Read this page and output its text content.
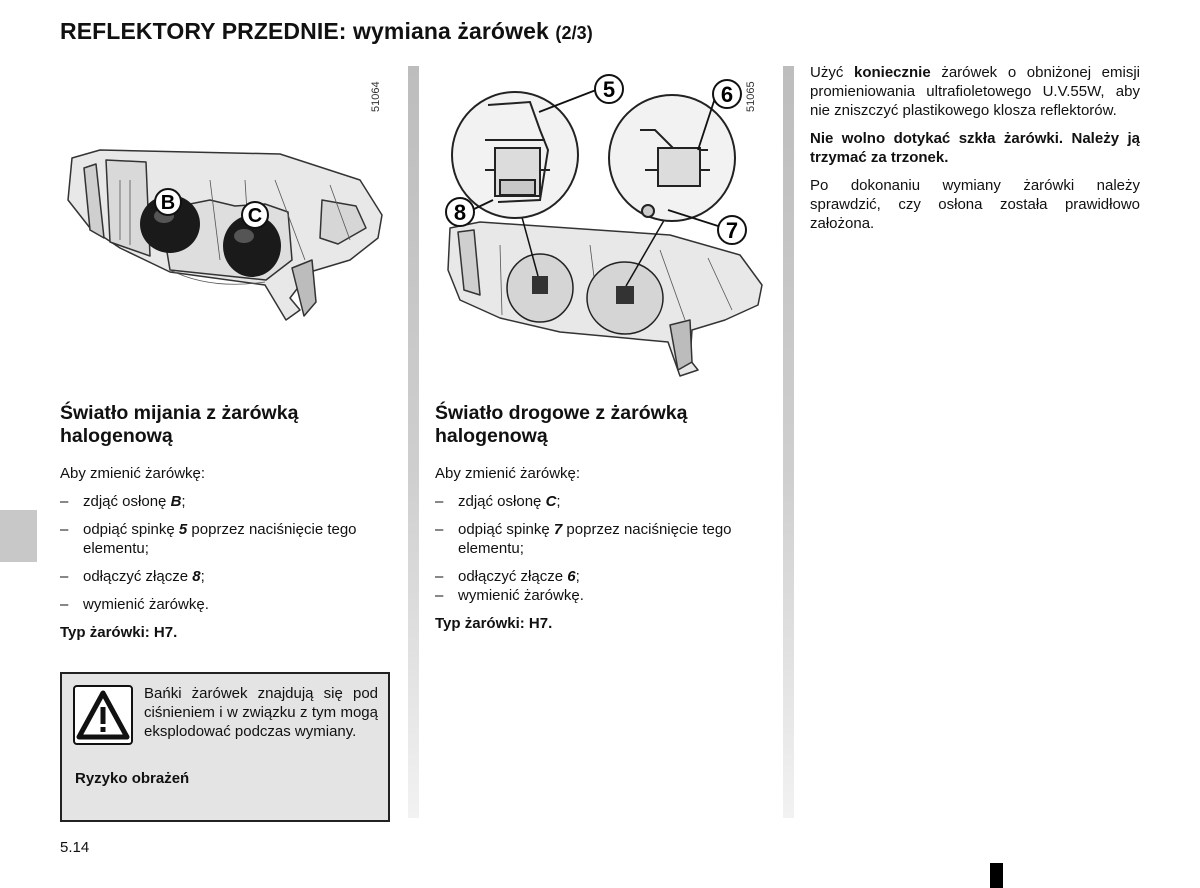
REFLEKTORY PRZEDNIE: wymiana żarówek (2/3)
51064
B
C
51065
5	6
7
8
Światło mijania z żarówką halogenową

Aby zmienić żarówkę:

– zdjąć osłonę B;
– odpiąć spinkę 5 poprzez naciśnięcie tego elementu;
– odłączyć złącze 8;
– wymienić żarówkę.

Typ żarówki: H7.

Światło drogowe z żarówką halogenową

Aby zmienić żarówkę:

– zdjąć osłonę C;
– odpiąć spinkę 7 poprzez naciśnięcie tego elementu;
– odłączyć złącze 6;
– wymienić żarówkę.

Typ żarówki: H7.

Użyć koniecznie żarówek o obniżonej emisji promieniowania ultrafioletowego U.V.55W, aby nie zniszczyć plastikowego klosza reflektorów.

Nie wolno dotykać szkła żarówki. Należy ją trzymać za trzonek.

Po dokonaniu wymiany żarówki należy sprawdzić, czy osłona została prawidłowo założona.

Bańki żarówek znajdują się pod ciśnieniem i w związku z tym mogą eksplodować podczas wymiany.
Ryzyko obrażeń
5.14
